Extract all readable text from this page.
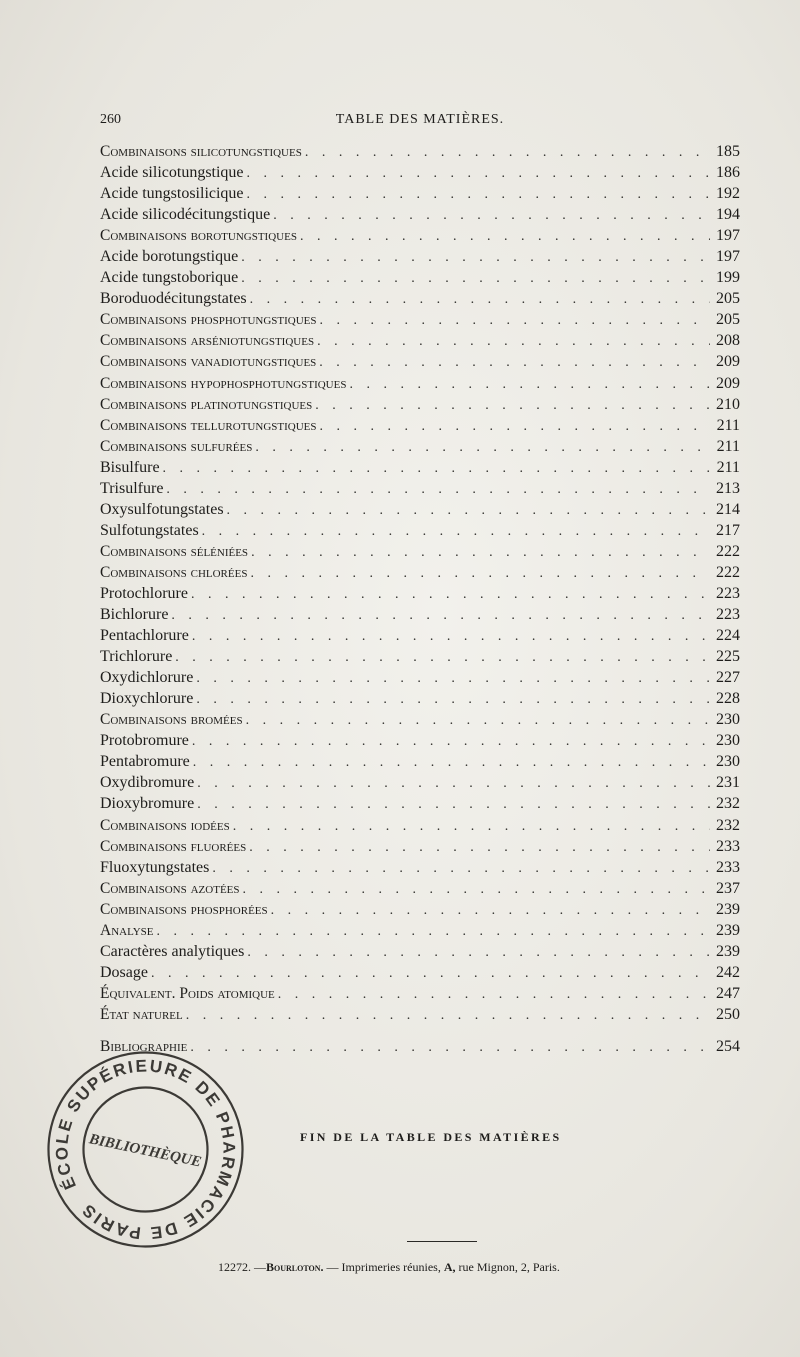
260	TABLE DES MATIÈRES.
Combinaisons silicotungstiques . . .	185
Acide silicotungstique . . .	186
Acide tungstosilicique . . .	192
Acide silicodécitungstique . . .	194
Combinaisons borotungstiques . . .	197
Acide borotungstique . . .	197
Acide tungstoborique . . .	199
Boroduodécitungstates . . .	205
Combinaisons phosphotungstiques . . .	205
Combinaisons arséniotungstiques . . .	208
Combinaisons vanadiotungstiques . . .	209
Combinaisons hypophosphotungstiques . . .	209
Combinaisons platinotungstiques . . .	210
Combinaisons tellurotungstiques . . .	211
Combinaisons sulfurées . . .	211
Bisulfure . . .	211
Trisulfure . . .	213
Oxysulfotungstates . . .	214
Sulfotungstates . . .	217
Combinaisons séléniées . . .	222
Combinaisons chlorées . . .	222
Protochlorure . . .	223
Bichlorure . . .	223
Pentachlorure . . .	224
Trichlorure . . .	225
Oxydichlorure . . .	227
Dioxychlorure . . .	228
Combinaisons bromées . . .	230
Protobromure . . .	230
Pentabromure . . .	230
Oxydibromure . . .	231
Dioxybromure . . .	232
Combinaisons iodées . . .	232
Combinaisons fluorées . . .	233
Fluoxytungstates . . .	233
Combinaisons azotées . . .	237
Combinaisons phosphorées . . .	239
Analyse . . .	239
Caractères analytiques . . .	239
Dosage . . .	242
Équivalent. Poids atomique . . .	247
État naturel . . .	250
Bibliographie . . .	254
ÉCOLE SUPÉRIEURE DE PHARMACIE DE PARIS
BIBLIOTHÈQUE	FIN DE LA TABLE DES MATIÈRES
12272. —Bourloton. — Imprimeries réunies, A, rue Mignon, 2, Paris.
